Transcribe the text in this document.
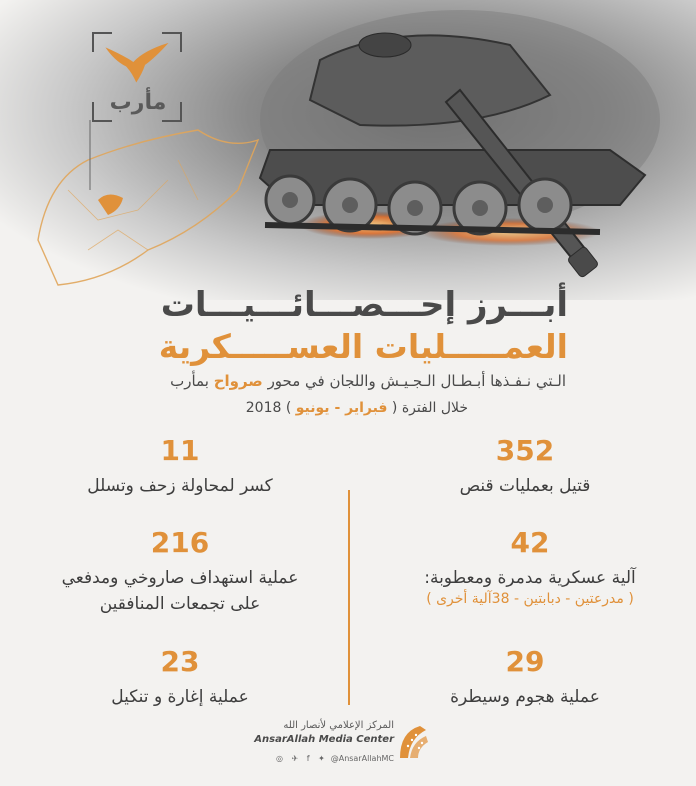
مأرب
أبـــرز إحـــصـــائـــيـــات
العمـــــليات العســـــكرية
الـتي نـفـذها أبـطـال الـجـيـش واللجان في محور صرواح بمأرب
خلال الفترة ( فبراير - يونيو ) 2018
352
قتيل بعمليات قنص
11
كسر لمحاولة زحف وتسلل
42
آلية عسكرية مدمرة ومعطوبة:
( مدرعتين - دبابتين - 38آلية أخرى )
216
عملية استهداف صاروخي ومدفعي
على تجمعات المنافقين
29
عملية هجوم وسيطرة
23
عملية إغارة و تنكيل
المركز الإعلامي لأنصار الله
AnsarAllah Media Center
◎ ✈ f ✦ @AnsarAllahMC
